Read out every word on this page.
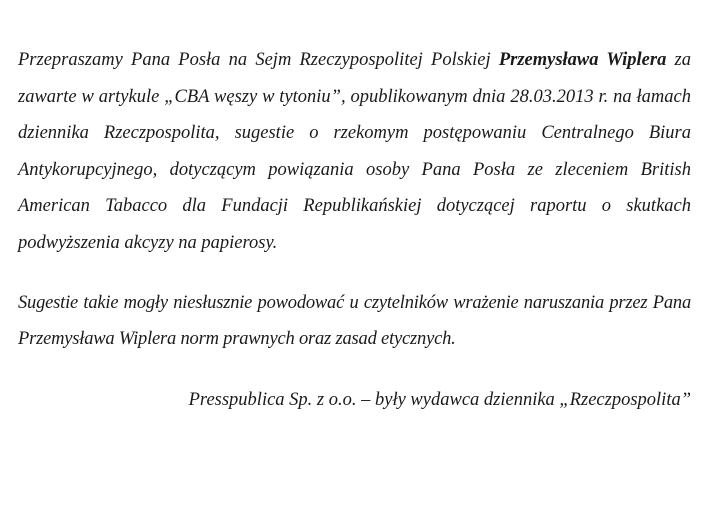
Przepraszamy Pana Posła na Sejm Rzeczypospolitej Polskiej Przemysława Wiplera za zawarte w artykule „CBA węszy w tytoniu”, opublikowanym dnia 28.03.2013 r. na łamach dziennika Rzeczpospolita, sugestie o rzekomym postępowaniu Centralnego Biura Antykorupcyjnego, dotyczącym powiązania osoby Pana Posła ze zleceniem British American Tabacco dla Fundacji Republikańskiej dotyczącej raportu o skutkach podwyższenia akcyzy na papierosy.

Sugestie takie mogły niesłusznie powodować u czytelników wrażenie naruszania przez Pana Przemysława Wiplera norm prawnych oraz zasad etycznych.

Presspublica Sp. z o.o. – były wydawca dziennika „Rzeczpospolita”
